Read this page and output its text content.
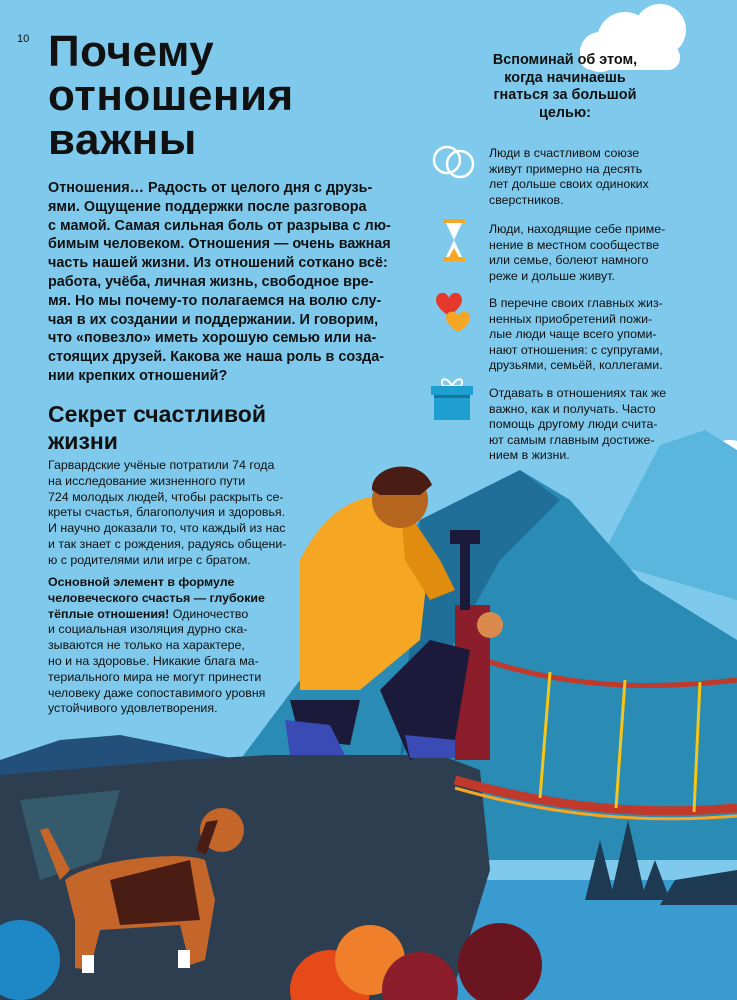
10 Почему
отношения
важны

Отношения… Радость от целого дня с друзь-
ями. Ощущение поддержки после разговора
с мамой. Самая сильная боль от разрыва с лю-
бимым человеком. Отношения — очень важная
часть нашей жизни. Из отношений соткано всё:
работа, учёба, личная жизнь, свободное вре-
мя. Но мы почему-то полагаемся на волю слу-
чая в их создании и поддержании. И говорим,
что «повезло» иметь хорошую семью или на-
стоящих друзей. Какова же наша роль в созда-
нии крепких отношений?

Секрет счастливой
жизни

Гарвардские учёные потратили 74 года
на исследование жизненного пути
724 молодых людей, чтобы раскрыть се-
креты счастья, благополучия и здоровья.
И научно доказали то, что каждый из нас
и так знает с рождения, радуясь общени-
ю с родителями или игре с братом.

Основной элемент в формуле
человеческого счастья — глубокие
тёплые отношения! Одиночество
и социальная изоляция дурно ска-
зываются не только на характере,
но и на здоровье. Никакие блага ма-
териального мира не могут принести
человеку даже сопоставимого уровня
устойчивого удовлетворения.

Вспоминай об этом,
когда начинаешь
гнаться за большой
целью:

Люди в счастливом союзе
живут примерно на десять
лет дольше своих одиноких
сверстников.

Люди, находящие себе приме-
нение в местном сообществе
или семье, болеют намного
реже и дольше живут.

В перечне своих главных жиз-
ненных приобретений пожи-
лые люди чаще всего упоми-
нают отношения: с супругами,
друзьями, семьёй, коллегами.

Отдавать в отношениях так же
важно, как и получать. Часто
помощь другому люди счита-
ют самым главным достиже-
нием в жизни.
